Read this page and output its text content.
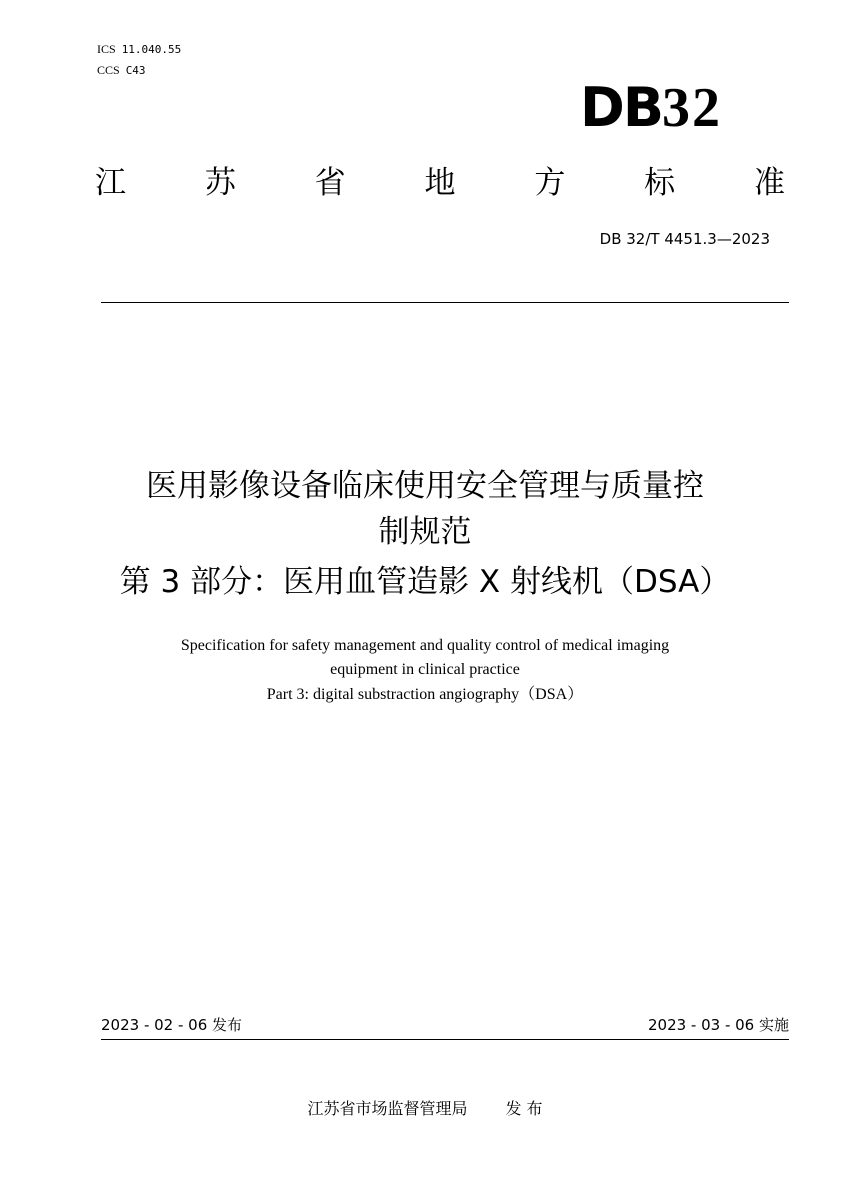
ICS 11.040.55
CCS C43
DB32
江	苏	省	地	方	标	准
DB 32/T 4451.3—2023
医用影像设备临床使用安全管理与质量控
制规范
第 3 部分：医用血管造影 X 射线机（DSA）
Specification for safety management and quality control of medical imaging
equipment in clinical practice
Part 3: digital substraction angiography（DSA）
2023 - 02 - 06 发布	2023 - 03 - 06 实施
江苏省市场监督管理局 发 布
